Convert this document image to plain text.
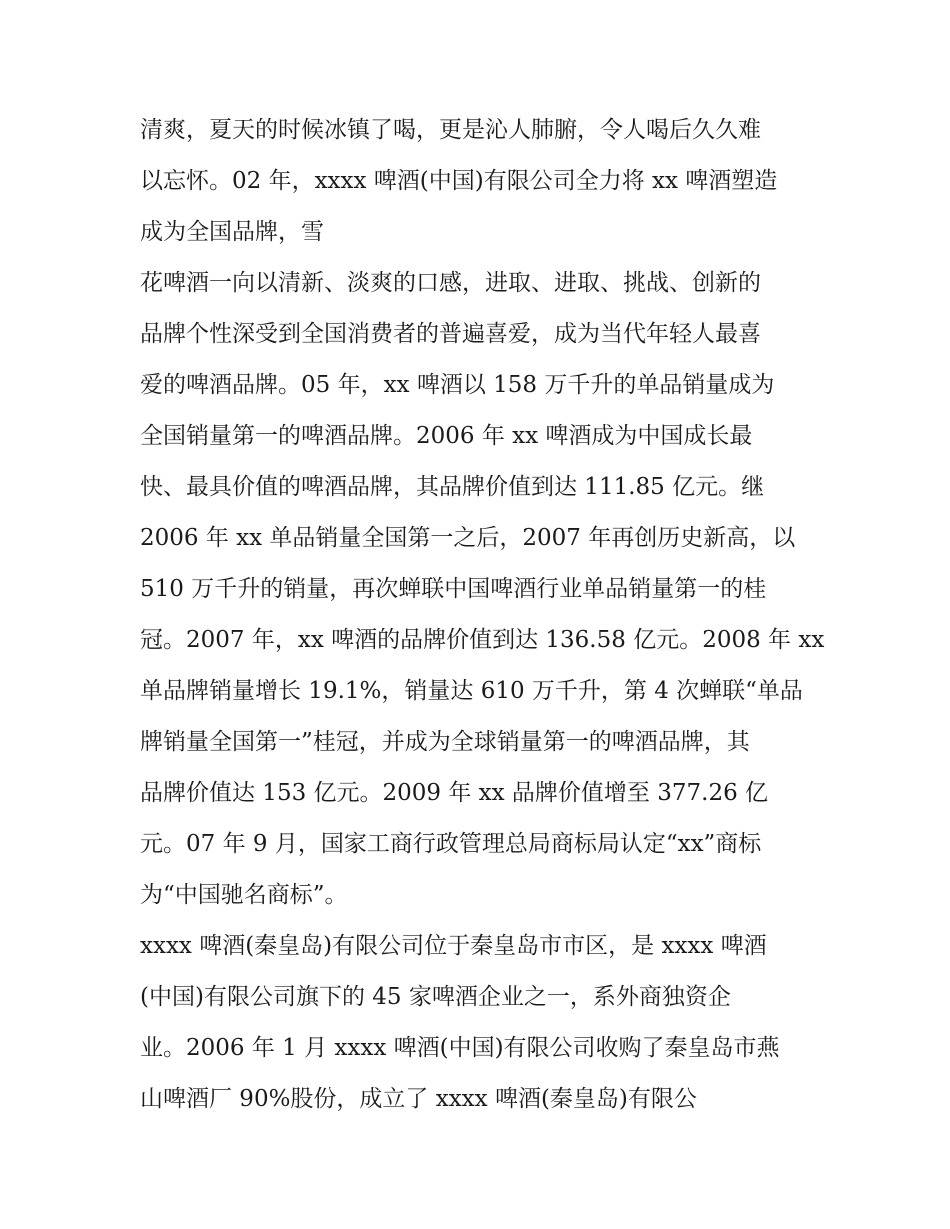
清爽，夏天的时候冰镇了喝，更是沁人肺腑，令人喝后久久难
以忘怀。02 年，xxxx 啤酒(中国)有限公司全力将 xx 啤酒塑造
成为全国品牌，雪
花啤酒一向以清新、淡爽的口感，进取、进取、挑战、创新的
品牌个性深受到全国消费者的普遍喜爱，成为当代年轻人最喜
爱的啤酒品牌。05 年，xx 啤酒以 158 万千升的单品销量成为
全国销量第一的啤酒品牌。2006 年 xx 啤酒成为中国成长最
快、最具价值的啤酒品牌，其品牌价值到达 111.85 亿元。继
2006 年 xx 单品销量全国第一之后，2007 年再创历史新高，以
510 万千升的销量，再次蝉联中国啤酒行业单品销量第一的桂
冠。2007 年，xx 啤酒的品牌价值到达 136.58 亿元。2008 年 xx
单品牌销量增长 19.1%，销量达 610 万千升，第 4 次蝉联“单品
牌销量全国第一”桂冠，并成为全球销量第一的啤酒品牌，其
品牌价值达 153 亿元。2009 年 xx 品牌价值增至 377.26 亿
元。07 年 9 月，国家工商行政管理总局商标局认定“xx”商标
为“中国驰名商标”。
xxxx 啤酒(秦皇岛)有限公司位于秦皇岛市市区，是 xxxx 啤酒
(中国)有限公司旗下的 45 家啤酒企业之一，系外商独资企
业。2006 年 1 月 xxxx 啤酒(中国)有限公司收购了秦皇岛市燕
山啤酒厂 90%股份，成立了 xxxx 啤酒(秦皇岛)有限公
